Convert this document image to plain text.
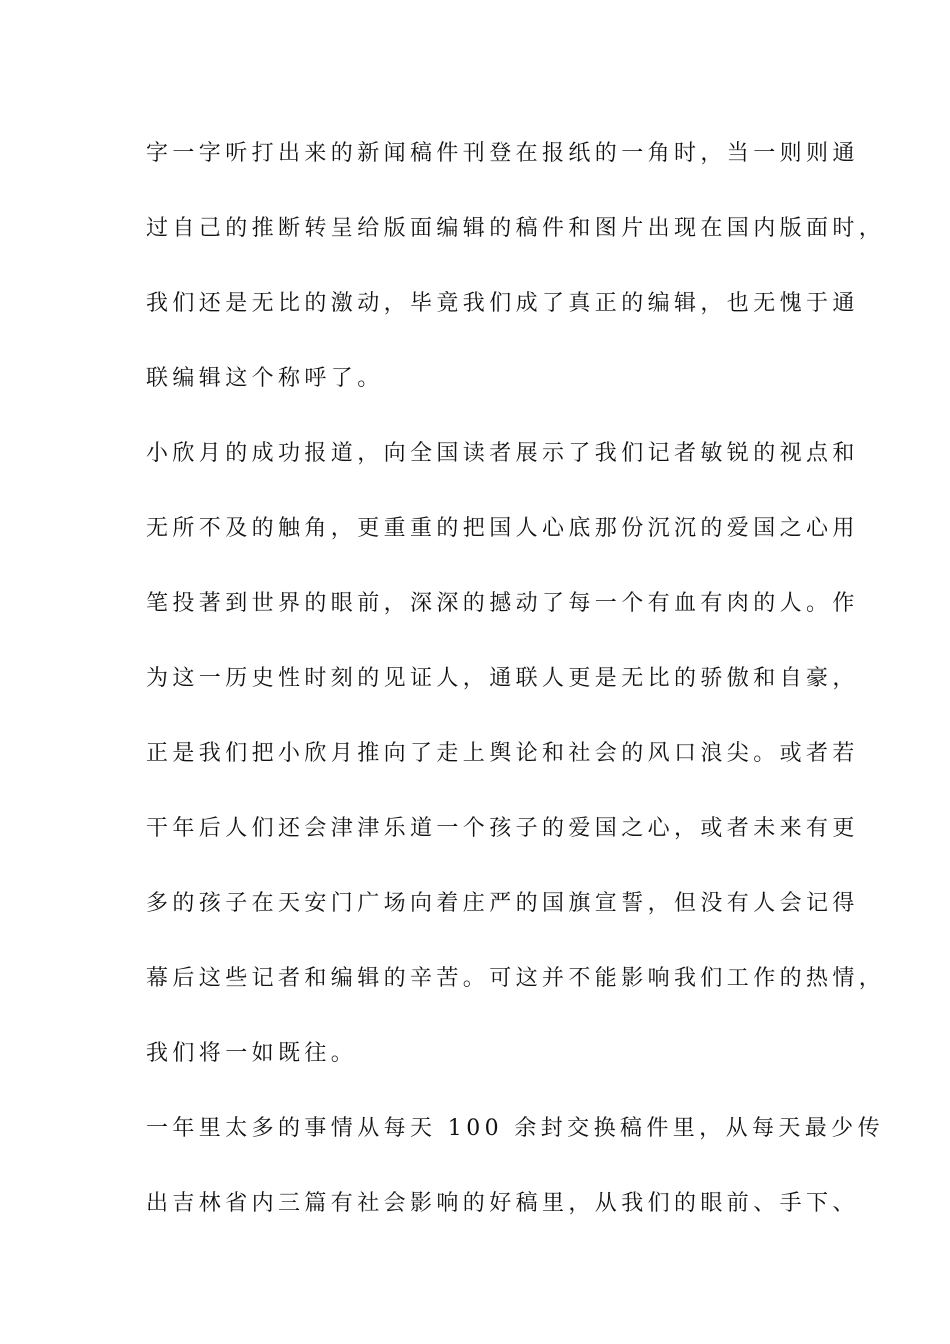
字一字听打出来的新闻稿件刊登在报纸的一角时，当一则则通
过自己的推断转呈给版面编辑的稿件和图片出现在国内版面时，
我们还是无比的激动，毕竟我们成了真正的编辑，也无愧于通
联编辑这个称呼了。
小欣月的成功报道，向全国读者展示了我们记者敏锐的视点和
无所不及的触角，更重重的把国人心底那份沉沉的爱国之心用
笔投著到世界的眼前，深深的撼动了每一个有血有肉的人。作
为这一历史性时刻的见证人，通联人更是无比的骄傲和自豪，
正是我们把小欣月推向了走上舆论和社会的风口浪尖。或者若
干年后人们还会津津乐道一个孩子的爱国之心，或者未来有更
多的孩子在天安门广场向着庄严的国旗宣誓，但没有人会记得
幕后这些记者和编辑的辛苦。可这并不能影响我们工作的热情，
我们将一如既往。
一年里太多的事情从每天 100 余封交换稿件里，从每天最少传
出吉林省内三篇有社会影响的好稿里，从我们的眼前、手下、
